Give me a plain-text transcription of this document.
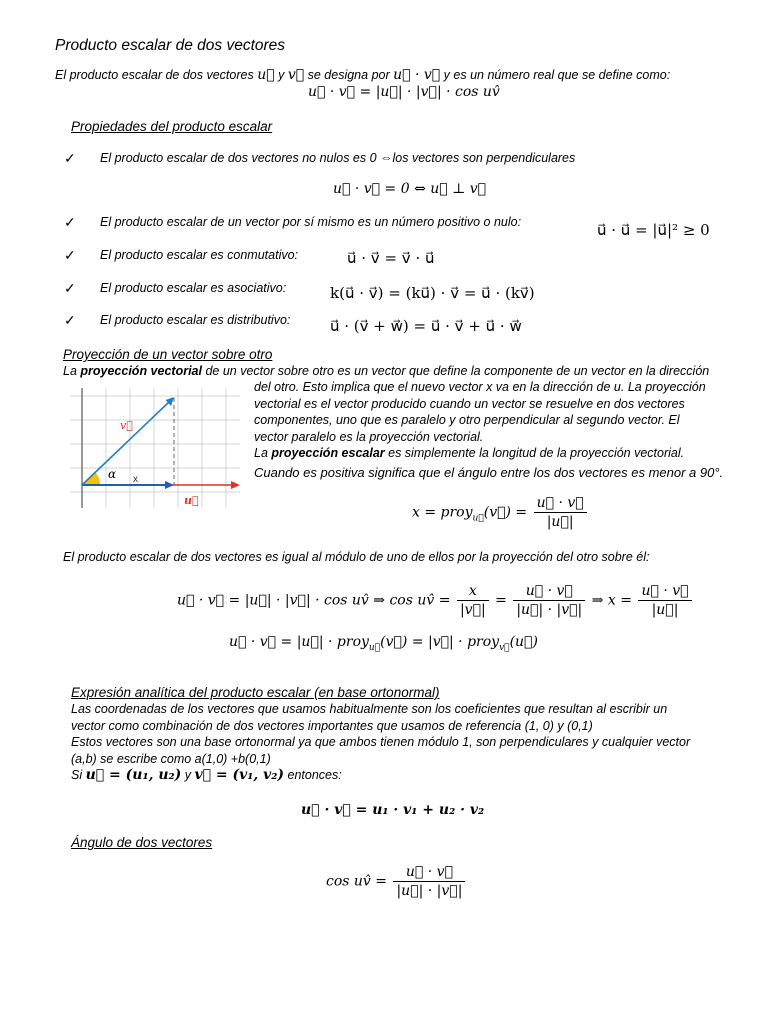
Producto escalar de dos vectores
El producto escalar de dos vectores u⃗ y v⃗ se designa por u⃗ · v⃗ y es un número real que se define como:
u⃗ · v⃗ = |u⃗| · |v⃗| · cos uv̂
Propiedades del producto escalar
✓ El producto escalar de dos vectores no nulos es 0 ⇔los vectores son perpendiculares
u⃗ · v⃗ = 0 ⇔ u⃗ ⊥ v⃗
✓ El producto escalar de un vector por sí mismo es un número positivo o nulo:	u⃗ · u⃗ = |u⃗|² ≥ 0
✓ El producto escalar es conmutativo:	u⃗ · v⃗ = v⃗ · u⃗
✓ El producto escalar es asociativo:	k(u⃗ · v⃗) = (ku⃗) · v⃗ = u⃗ · (kv⃗)
✓ El producto escalar es distributivo:	u⃗ · (v⃗ + w⃗) = u⃗ · v⃗ + u⃗ · w⃗
Proyección de un vector sobre otro
La proyección vectorial de un vector sobre otro es un vector que define la componente de un vector en la dirección
del otro. Esto implica que el nuevo vector x va en la dirección de u. La proyección
vectorial es el vector producido cuando un vector se resuelve en dos vectores
componentes, uno que es paralelo y otro perpendicular al segundo vector. El
vector paralelo es la proyección vectorial.
La proyección escalar es simplemente la longitud de la proyección vectorial.
Cuando es positiva significa que el ángulo entre los dos vectores es menor a 90°.
v⃗
α x
u⃗
x = proy$_{u⃗}$(v⃗) = $\frac{u⃗ \cdot v⃗}{|u⃗|}$
El producto escalar de dos vectores es igual al módulo de uno de ellos por la proyección del otro sobre él:
u⃗ · v⃗ = |u⃗| · |v⃗| · cos uv̂ ⇒ cos uv̂ = $\frac{x}{|v⃗|} = \frac{u⃗ \cdot v⃗}{|u⃗| \cdot |v⃗|}$ ⇒ $x = \frac{u⃗ \cdot v⃗}{|u⃗|}$
u⃗ · v⃗ = |u⃗| · proy$_{u⃗}$(v⃗) = |v⃗| · proy$_{v⃗}$(u⃗)
Expresión analítica del producto escalar (en base ortonormal)
Las coordenadas de los vectores que usamos habitualmente son los coeficientes que resultan al escribir un
vector como combinación de dos vectores importantes que usamos de referencia (1, 0) y (0,1)
Estos vectores son una base ortonormal ya que ambos tienen módulo 1, son perpendiculares y cualquier vector
(a,b) se escribe como a(1,0) +b(0,1)
Si u⃗ = (u₁, u₂) y v⃗ = (v₁, v₂) entonces:
u⃗ · v⃗ = u₁ · v₁ + u₂ · v₂
Ángulo de dos vectores
cos uv̂ = $\frac{u⃗ \cdot v⃗}{|u⃗| \cdot |v⃗|}$
